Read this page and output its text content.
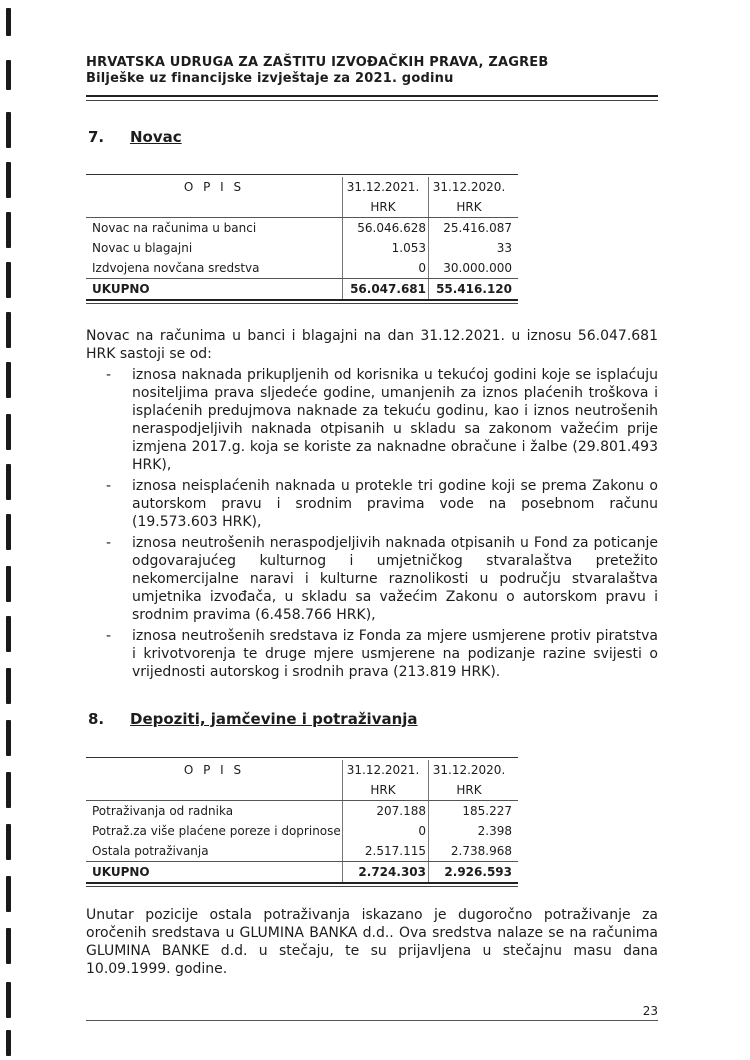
HRVATSKA UDRUGA ZA ZAŠTITU IZVOĐAČKIH PRAVA, ZAGREB
Bilješke uz financijske izvještaje za 2021. godinu
7. Novac
O P I S	31.12.2021.	31.12.2020.
HRK	HRK
Novac na računima u banci	56.046.628	25.416.087
Novac u blagajni	1.053	33
Izdvojena novčana sredstva	0	30.000.000
UKUPNO	56.047.681 55.416.120
Novac na računima u banci i blagajni na dan 31.12.2021. u iznosu 56.047.681 HRK sastoji se od:
- iznosa naknada prikupljenih od korisnika u tekućoj godini koje se isplaćuju nositeljima prava sljedeće godine, umanjenih za iznos plaćenih troškova i isplaćenih predujmova naknade za tekuću godinu, kao i iznos neutrošenih neraspodjeljivih naknada otpisanih u skladu sa zakonom važećim prije izmjena 2017.g. koja se koriste za naknadne obračune i žalbe (29.801.493 HRK),
- iznosa neisplaćenih naknada u protekle tri godine koji se prema Zakonu o autorskom pravu i srodnim pravima vode na posebnom računu (19.573.603 HRK),
- iznosa neutrošenih neraspodjeljivih naknada otpisanih u Fond za poticanje odgovarajućeg kulturnog i umjetničkog stvaralaštva pretežito nekomercijalne naravi i kulturne raznolikosti u području stvaralaštva umjetnika izvođača, u skladu sa važećim Zakonu o autorskom pravu i srodnim pravima (6.458.766 HRK),
- iznosa neutrošenih sredstava iz Fonda za mjere usmjerene protiv piratstva i krivotvorenja te druge mjere usmjerene na podizanje razine svijesti o vrijednosti autorskog i srodnih prava (213.819 HRK).
8. Depoziti, jamčevine i potraživanja
O P I S	31.12.2021.	31.12.2020.
HRK	HRK
Potraživanja od radnika	207.188	185.227
Potraž.za više plaćene poreze i doprinose	0	2.398
Ostala potraživanja	2.517.115	2.738.968
UKUPNO	2.724.303	2.926.593
Unutar pozicije ostala potraživanja iskazano je dugoročno potraživanje za oročenih sredstava u GLUMINA BANKA d.d.. Ova sredstva nalaze se na računima GLUMINA BANKE d.d. u stečaju, te su prijavljena u stečajnu masu dana 10.09.1999. godine.
23
